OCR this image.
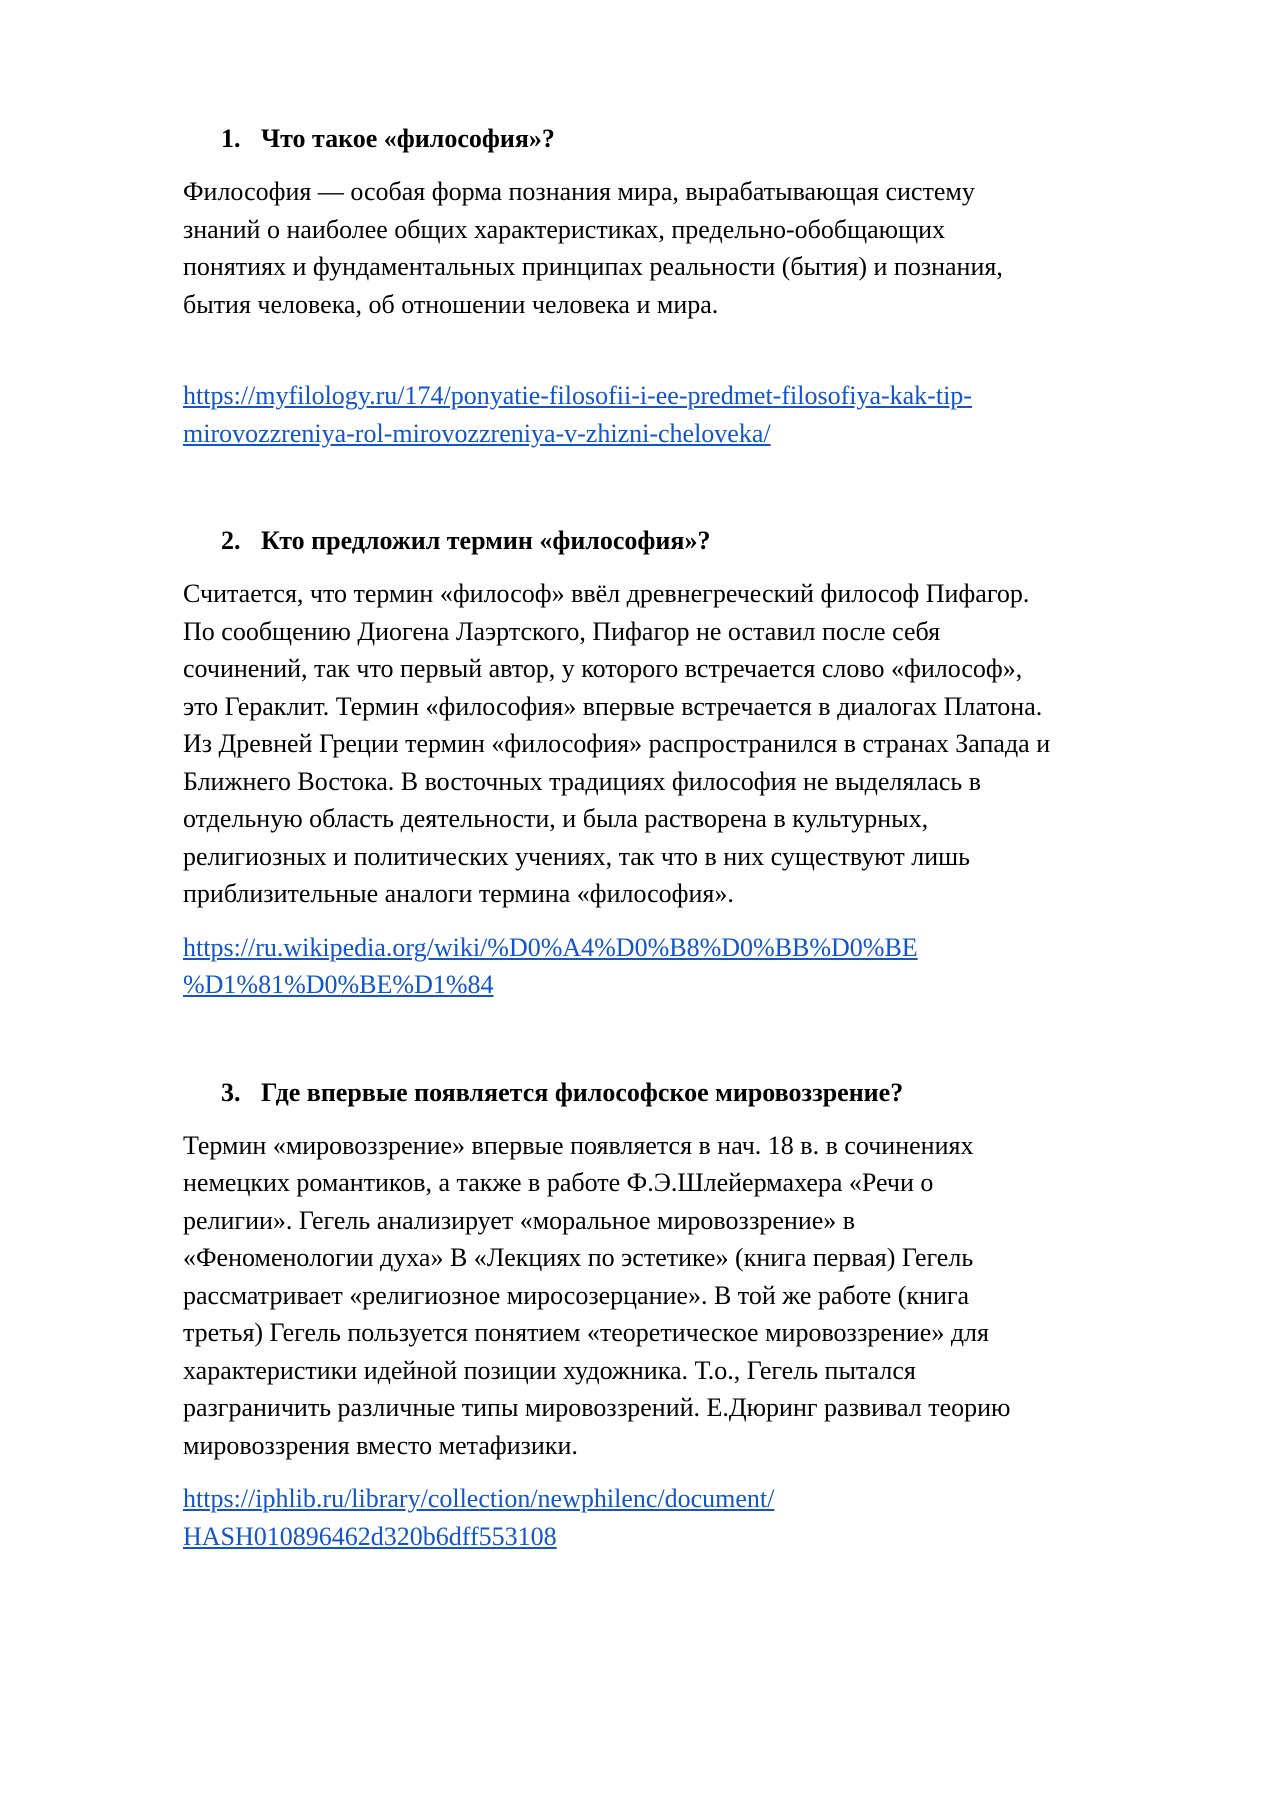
1. Что такое «философия»?

Философия — особая форма познания мира, вырабатывающая систему
знаний о наиболее общих характеристиках, предельно-обобщающих
понятиях и фундаментальных принципах реальности (бытия) и познания,
бытия человека, об отношении человека и мира.

https://myfilology.ru/174/ponyatie-filosofii-i-ee-predmet-filosofiya-kak-tip-
mirovozzreniya-rol-mirovozzreniya-v-zhizni-cheloveka/
2. Кто предложил термин «философия»?

Считается, что термин «философ» ввёл древнегреческий философ Пифагор.
По сообщению Диогена Лаэртского, Пифагор не оставил после себя
сочинений, так что первый автор, у которого встречается слово «философ»,
это Гераклит. Термин «философия» впервые встречается в диалогах Платона.
Из Древней Греции термин «философия» распространился в странах Запада и
Ближнего Востока. В восточных традициях философия не выделялась в
отдельную область деятельности, и была растворена в культурных,
религиозных и политических учениях, так что в них существуют лишь
приблизительные аналоги термина «философия».

https://ru.wikipedia.org/wiki/%D0%A4%D0%B8%D0%BB%D0%BE
%D1%81%D0%BE%D1%84
3. Где впервые появляется философское мировоззрение?

Термин «мировоззрение» впервые появляется в нач. 18 в. в сочинениях
немецких романтиков, а также в работе Ф.Э.Шлейермахера «Речи о
религии». Гегель анализирует «моральное мировоззрение» в
«Феноменологии духа» В «Лекциях по эстетике» (книга первая) Гегель
рассматривает «религиозное миросозерцание». В той же работе (книга
третья) Гегель пользуется понятием «теоретическое мировоззрение» для
характеристики идейной позиции художника. Т.о., Гегель пытался
разграничить различные типы мировоззрений. Е.Дюринг развивал теорию
мировоззрения вместо метафизики.

https://iphlib.ru/library/collection/newphilenc/document/
HASH010896462d320b6dff553108
